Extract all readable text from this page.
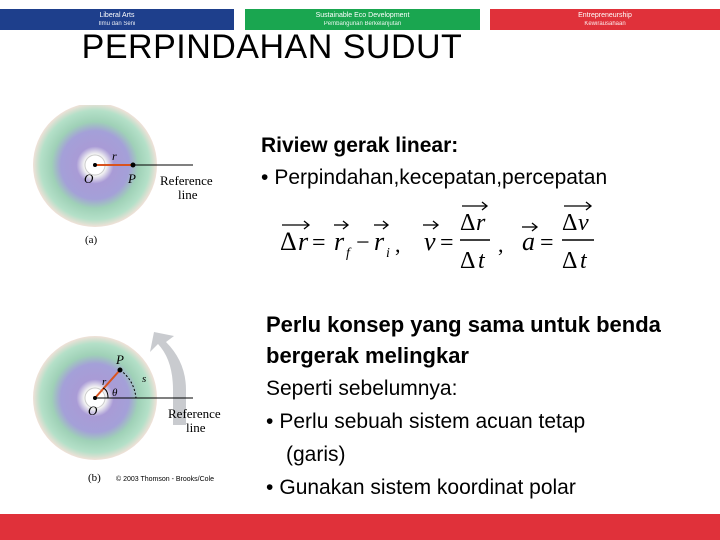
Liberal Arts
Ilmu dan Seni
Sustainable Eco Development
Pembangunan Berkelanjutan
Entrepreneurship
Kewirausahaan
PERPINDAHAN SUDUT
r
O	P Reference
line
(a)
P
r	s
θ
O	Reference
line
(b) © 2003 Thomson - Brooks/Cole
Riview gerak linear:
• Perpindahan,kecepatan,percepatan
Δ r = r f − r i , v =
Δ r
Δ t
, a =
Δ v
Δ t
Perlu konsep yang sama untuk benda
bergerak melingkar
Seperti sebelumnya:
• Perlu sebuah sistem acuan tetap
(garis)
• Gunakan sistem koordinat polar
